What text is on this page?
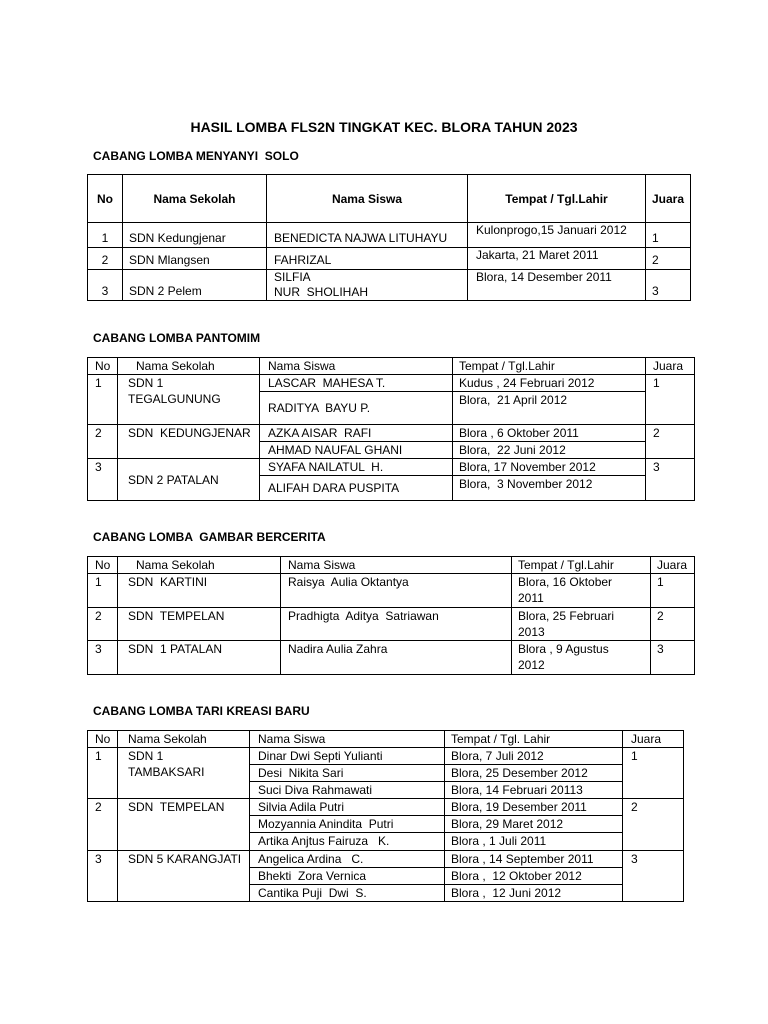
HASIL LOMBA FLS2N TINGKAT KEC. BLORA TAHUN 2023
CABANG LOMBA MENYANYI  SOLO
No	Nama Sekolah	Nama Siswa	Tempat / Tgl.Lahir	Juara
1	SDN Kedungjenar	BENEDICTA NAJWA LITUHAYU	Kulonprogo,15 Januari 2012	1
2	SDN Mlangsen	FAHRIZAL	Jakarta, 21 Maret 2011	2
3	SDN 2 Pelem	SILFIA
NUR  SHOLIHAH	Blora, 14 Desember 2011	3
CABANG LOMBA PANTOMIM
No	Nama Sekolah	Nama Siswa	Tempat / Tgl.Lahir	Juara
1	SDN 1 TEGALGUNUNG	LASCAR  MAHESA T.	Kudus , 24 Februari 2012	1
		RADITYA  BAYU P.	Blora,  21 April 2012	
2	SDN  KEDUNGJENAR	AZKA AISAR  RAFI	Blora , 6 Oktober 2011	2
		AHMAD NAUFAL GHANI	Blora,  22 Juni 2012	
3	SDN 2 PATALAN	SYAFA NAILATUL  H.	Blora, 17 November 2012	3
		ALIFAH DARA PUSPITA	Blora,  3 November 2012	
CABANG LOMBA  GAMBAR BERCERITA
No	Nama Sekolah	Nama Siswa	Tempat / Tgl.Lahir	Juara
1	SDN  KARTINI	Raisya  Aulia Oktantya	Blora, 16 Oktober 2011	1
2	SDN  TEMPELAN	Pradhigta  Aditya  Satriawan	Blora, 25 Februari 2013	2
3	SDN  1 PATALAN	Nadira Aulia Zahra	Blora , 9 Agustus 2012	3
CABANG LOMBA TARI KREASI BARU
No	Nama Sekolah	Nama Siswa	Tempat / Tgl. Lahir	Juara
1	SDN 1 TAMBAKSARI	Dinar Dwi Septi Yulianti	Blora, 7 Juli 2012	1
		Desi  Nikita Sari	Blora, 25 Desember 2012	
		Suci Diva Rahmawati	Blora, 14 Februari 20113	
2	SDN  TEMPELAN	Silvia Adila Putri	Blora, 19 Desember 2011	2
		Mozyannia Anindita  Putri	Blora, 29 Maret 2012	
		Artika Anjtus Fairuza   K.	Blora , 1 Juli 2011	
3	SDN 5 KARANGJATI	Angelica Ardina   C.	Blora , 14 September 2011	3
		Bhekti  Zora Vernica	Blora ,  12 Oktober 2012	
		Cantika Puji  Dwi  S.	Blora ,  12 Juni 2012	
